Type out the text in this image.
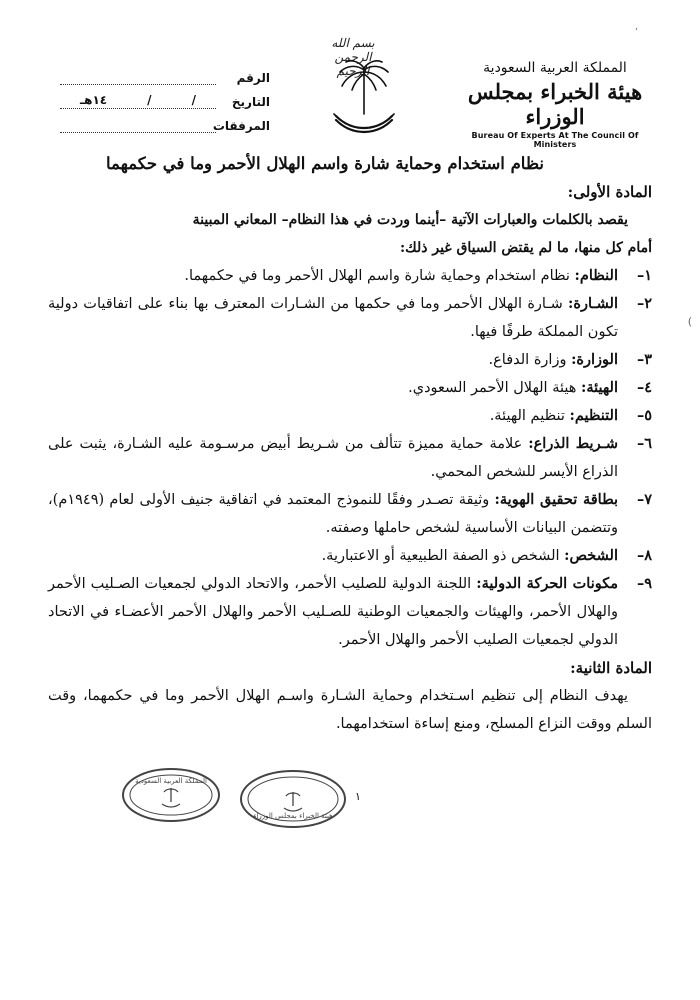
،
بسم الله الرحمن الرحيم
الرقم
التاريخ
/
/
١٤هـ
المرفقات
المملكة العربية السعودية
هيئة الخبراء بمجلس الوزراء
Bureau Of Experts At The Council Of Ministers
نظام استخدام وحماية شارة واسم الهلال الأحمر وما في حكمهما
المادة الأولى:
يقصد بالكلمات والعبارات الآتية –أينما وردت في هذا النظام– المعاني المبينة
أمام كل منها، ما لم يقتض السياق غير ذلك:
١–
النظام: نظام استخدام وحماية شارة واسم الهلال الأحمر وما في حكمهما.
٢–
الشـارة: شـارة الهلال الأحمر وما في حكمها من الشـارات المعترف بها بناء على اتفاقيات دولية تكون المملكة طرفًا فيها.
٣–
الوزارة: وزارة الدفاع.
٤–
الهيئة: هيئة الهلال الأحمر السعودي.
٥–
التنظيم: تنظيم الهيئة.
٦–
شـريط الذراع: علامة حماية مميزة تتألف من شـريط أبيض مرسـومة عليه الشـارة، يثبت على الذراع الأيسر للشخص المحمي.
٧–
بطاقة تحقيق الهوية: وثيقة تصـدر وفقًا للنموذج المعتمد في اتفاقية جنيف الأولى لعام (١٩٤٩م)، وتتضمن البيانات الأساسية لشخص حاملها وصفته.
٨–
الشخص: الشخص ذو الصفة الطبيعية أو الاعتبارية.
٩–
مكونات الحركة الدولية: اللجنة الدولية للصليب الأحمر، والاتحاد الدولي لجمعيات الصـليب الأحمر والهلال الأحمر، والهيئات والجمعيات الوطنية للصـليب الأحمر والهلال الأحمر الأعضـاء في الاتحاد الدولي لجمعيات الصليب الأحمر والهلال الأحمر.
المادة الثانية:
يهدف النظام إلى تنظيم اسـتخدام وحماية الشـارة واسـم الهلال الأحمر وما في حكمهما، وقت السلم ووقت النزاع المسلح، ومنع إساءة استخدامهما.
المملكة العربية السعودية
هيئة الخبراء بمجلس الوزراء
١
(
